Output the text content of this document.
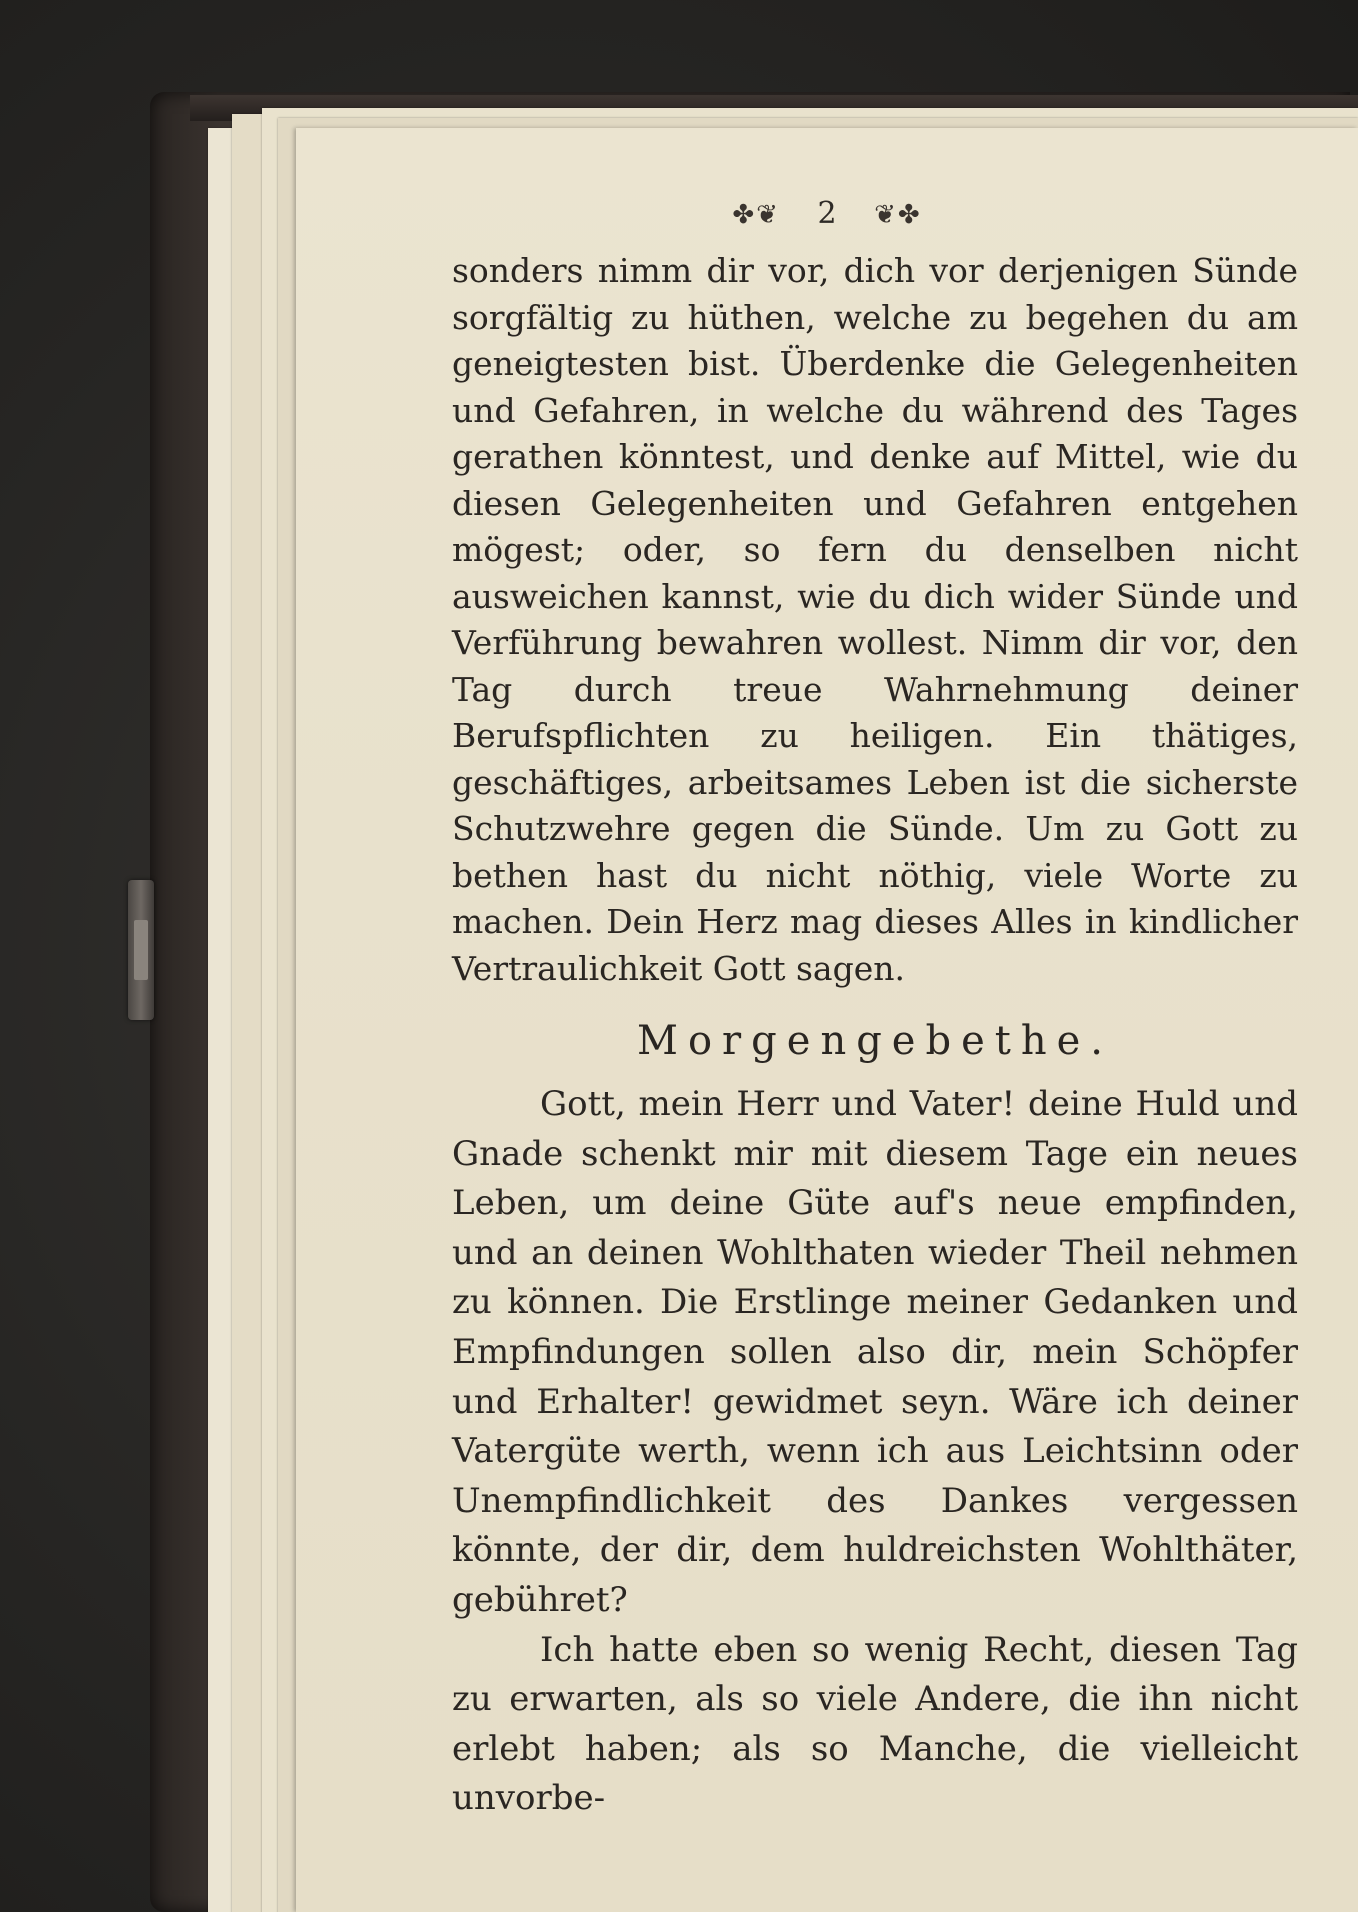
✤❦ 2 ❦✤

sonders nimm dir vor, dich vor derjenigen Sünde sorgfältig zu hüthen, welche zu begehen du am geneigtesten bist. Überdenke die Gelegenheiten und Gefahren, in welche du während des Tages gerathen könntest, und denke auf Mittel, wie du diesen Gelegenheiten und Gefahren entgehen mögest; oder, so fern du denselben nicht ausweichen kannst, wie du dich wider Sünde und Verführung bewahren wollest. Nimm dir vor, den Tag durch treue Wahrnehmung deiner Berufspflichten zu heiligen. Ein thätiges, geschäftiges, arbeitsames Leben ist die sicherste Schutzwehre gegen die Sünde. Um zu Gott zu bethen hast du nicht nöthig, viele Worte zu machen. Dein Herz mag dieses Alles in kindlicher Vertraulichkeit Gott sagen.

Morgengebethe.

Gott, mein Herr und Vater! deine Huld und Gnade schenkt mir mit diesem Tage ein neues Leben, um deine Güte auf's neue empfinden, und an deinen Wohlthaten wieder Theil nehmen zu können. Die Erstlinge meiner Gedanken und Empfindungen sollen also dir, mein Schöpfer und Erhalter! gewidmet seyn. Wäre ich deiner Vatergüte werth, wenn ich aus Leichtsinn oder Unempfindlichkeit des Dankes vergessen könnte, der dir, dem huldreichsten Wohlthäter, gebühret?

Ich hatte eben so wenig Recht, diesen Tag zu erwarten, als so viele Andere, die ihn nicht erlebt haben; als so Manche, die vielleicht unvorbe-
